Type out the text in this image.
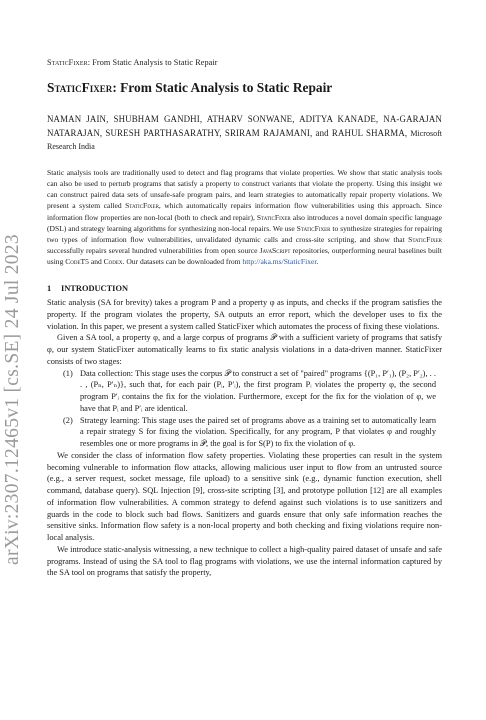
arXiv:2307.12465v1 [cs.SE] 24 Jul 2023
StaticFixer: From Static Analysis to Static Repair
StaticFixer: From Static Analysis to Static Repair
NAMAN JAIN, SHUBHAM GANDHI, ATHARV SONWANE, ADITYA KANADE, NA-GARAJAN NATARAJAN, SURESH PARTHASARATHY, SRIRAM RAJAMANI, and RAHUL SHARMA, Microsoft Research India
Static analysis tools are traditionally used to detect and flag programs that violate properties. We show that static analysis tools can also be used to perturb programs that satisfy a property to construct variants that violate the property. Using this insight we can construct paired data sets of unsafe-safe program pairs, and learn strategies to automatically repair property violations. We present a system called StaticFixer, which automatically repairs information flow vulnerabilities using this approach. Since information flow properties are non-local (both to check and repair), StaticFixer also introduces a novel domain specific language (DSL) and strategy learning algorithms for synthesizing non-local repairs. We use StaticFixer to synthesize strategies for repairing two types of information flow vulnerabilities, unvalidated dynamic calls and cross-site scripting, and show that StaticFixer successfully repairs several hundred vulnerabilities from open source JavaScript repositories, outperforming neural baselines built using CodeT5 and Codex. Our datasets can be downloaded from http://aka.ms/StaticFixer.
1 INTRODUCTION

Static analysis (SA for brevity) takes a program P and a property φ as inputs, and checks if the program satisfies the property. If the program violates the property, SA outputs an error report, which the developer uses to fix the violation. In this paper, we present a system called StaticFixer which automates the process of fixing these violations.

Given a SA tool, a property φ, and a large corpus of programs 𝒫 with a sufficient variety of programs that satisfy φ, our system StaticFixer automatically learns to fix static analysis violations in a data-driven manner. StaticFixer consists of two stages:

(1) Data collection: This stage uses the corpus 𝒫 to construct a set of "paired" programs {(P₁, P′₁), (P₂, P′₂), . . . , (Pₙ, P′ₙ)}, such that, for each pair (Pᵢ, P′ᵢ), the first program Pᵢ violates the property φ, the second program P′ᵢ contains the fix for the violation. Furthermore, except for the fix for the violation of φ, we have that Pᵢ and P′ᵢ are identical.
(2) Strategy learning: This stage uses the paired set of programs above as a training set to automatically learn a repair strategy S for fixing the violation. Specifically, for any program, P that violates φ and roughly resembles one or more programs in 𝒫, the goal is for S(P) to fix the violation of φ.

We consider the class of information flow safety properties. Violating these properties can result in the system becoming vulnerable to information flow attacks, allowing malicious user input to flow from an untrusted source (e.g., a server request, socket message, file upload) to a sensitive sink (e.g., dynamic function execution, shell command, database query). SQL Injection [9], cross-site scripting [3], and prototype pollution [12] are all examples of information flow vulnerabilities. A common strategy to defend against such violations is to use sanitizers and guards in the code to block such bad flows. Sanitizers and guards ensure that only safe information reaches the sensitive sinks. Information flow safety is a non-local property and both checking and fixing violations require non-local analysis.

We introduce static-analysis witnessing, a new technique to collect a high-quality paired dataset of unsafe and safe programs. Instead of using the SA tool to flag programs with violations, we use the internal information captured by the SA tool on programs that satisfy the property,
